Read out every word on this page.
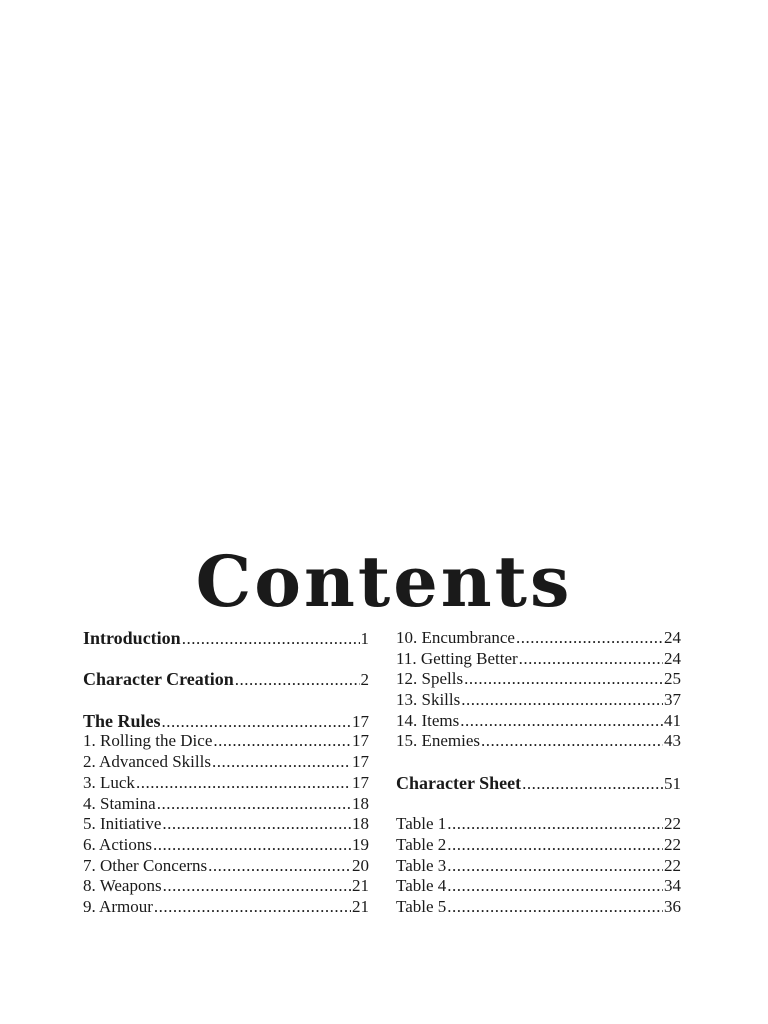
Contents
Introduction .....	1
Character Creation .....	2
The Rules .....	17
1. Rolling the Dice .....	17
2. Advanced Skills .....	17
3. Luck .....	17
4. Stamina .....	18
5. Initiative .....	18
6. Actions .....	19
7. Other Concerns .....	20
8. Weapons .....	21
9. Armour .....	21
10. Encumbrance .....	24
11. Getting Better .....	24
12. Spells .....	25
13. Skills .....	37
14. Items .....	41
15. Enemies .....	43
Character Sheet .....	51
Table 1 .....	22
Table 2 .....	22
Table 3 .....	22
Table 4 .....	34
Table 5 .....	36
